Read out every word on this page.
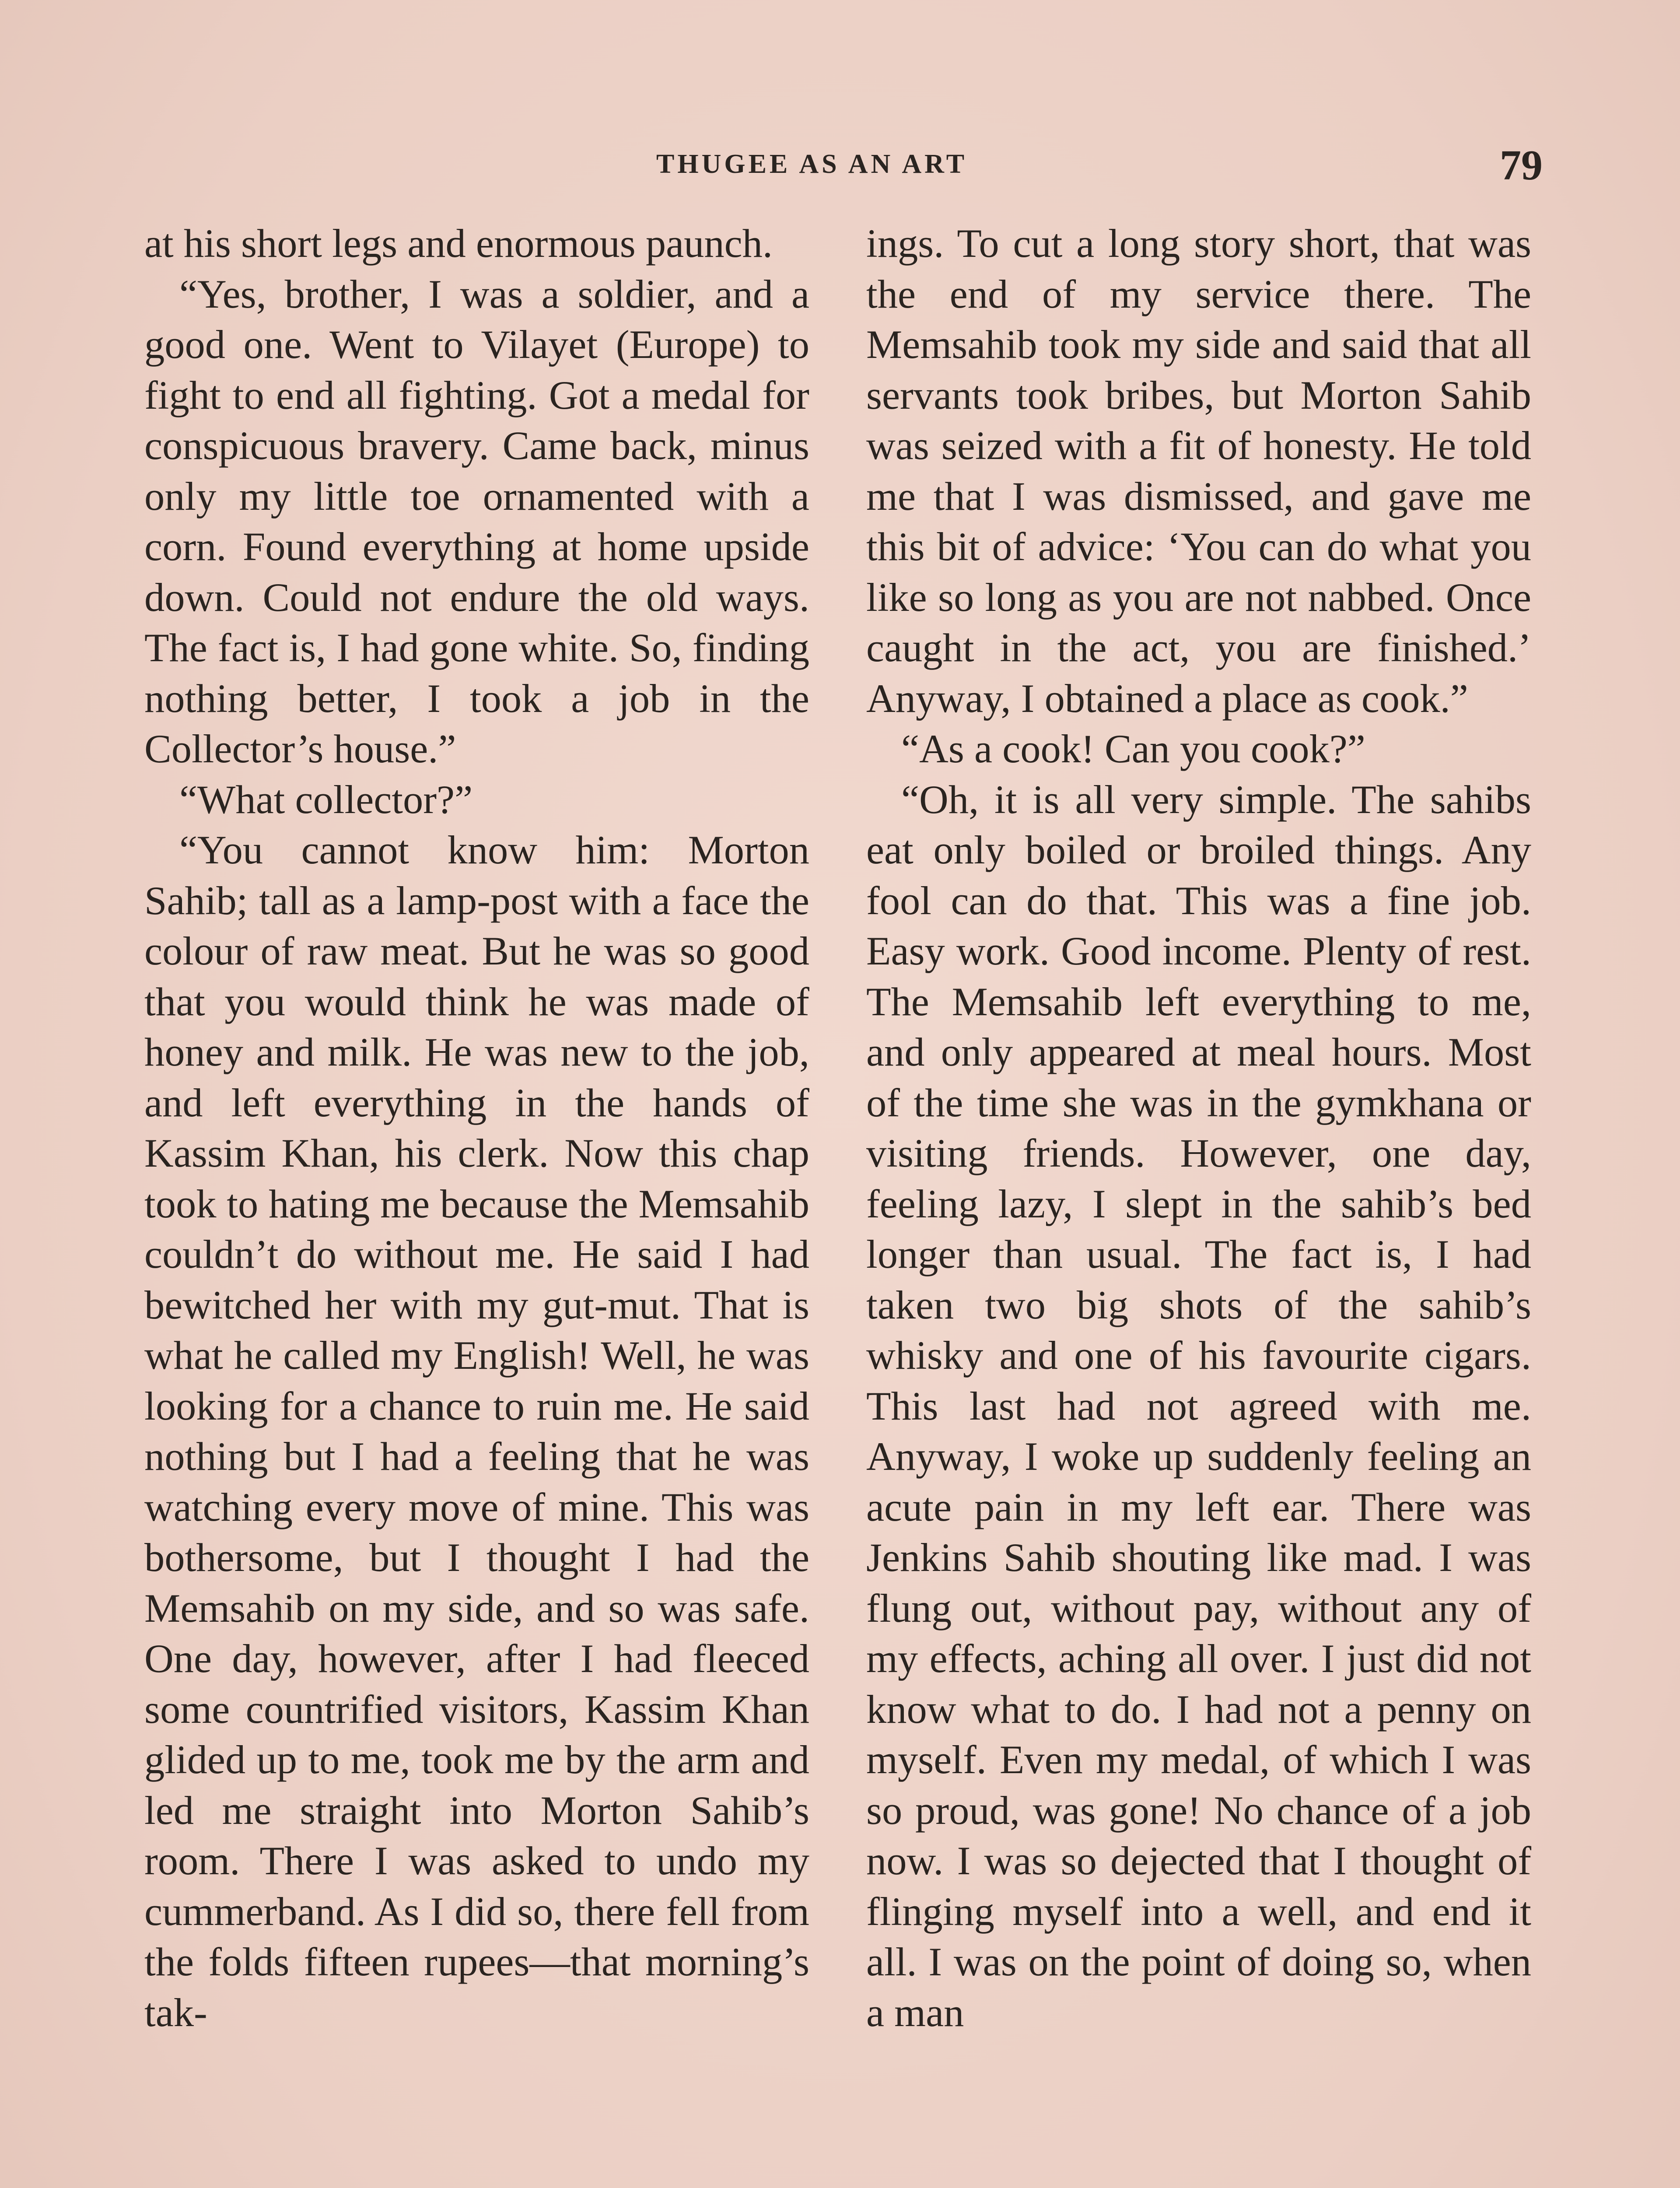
THUGEE AS AN ART	79

at his short legs and enormous paunch.

“Yes, brother, I was a soldier, and a good one. Went to Vilayet (Europe) to fight to end all fighting. Got a medal for conspicuous bravery. Came back, minus only my little toe ornamented with a corn. Found everything at home upside down. Could not endure the old ways. The fact is, I had gone white. So, finding nothing better, I took a job in the Collector’s house.”

“What collector?”

“You cannot know him: Morton Sahib; tall as a lamp-post with a face the colour of raw meat. But he was so good that you would think he was made of honey and milk. He was new to the job, and left everything in the hands of Kassim Khan, his clerk. Now this chap took to hating me because the Memsahib couldn’t do without me. He said I had bewitched her with my gut-mut. That is what he called my English! Well, he was looking for a chance to ruin me. He said nothing but I had a feeling that he was watching every move of mine. This was bothersome, but I thought I had the Memsahib on my side, and so was safe. One day, however, after I had fleeced some countrified visitors, Kassim Khan glided up to me, took me by the arm and led me straight into Morton Sahib’s room. There I was asked to undo my cummerband. As I did so, there fell from the folds fifteen rupees—that morning’s tak-

ings. To cut a long story short, that was the end of my service there. The Memsahib took my side and said that all servants took bribes, but Morton Sahib was seized with a fit of honesty. He told me that I was dismissed, and gave me this bit of advice: ‘You can do what you like so long as you are not nabbed. Once caught in the act, you are finished.’ Anyway, I obtained a place as cook.”

“As a cook! Can you cook?”

“Oh, it is all very simple. The sahibs eat only boiled or broiled things. Any fool can do that. This was a fine job. Easy work. Good income. Plenty of rest. The Memsahib left everything to me, and only appeared at meal hours. Most of the time she was in the gymkhana or visiting friends. However, one day, feeling lazy, I slept in the sahib’s bed longer than usual. The fact is, I had taken two big shots of the sahib’s whisky and one of his favourite cigars. This last had not agreed with me. Anyway, I woke up suddenly feeling an acute pain in my left ear. There was Jenkins Sahib shouting like mad. I was flung out, without pay, without any of my effects, aching all over. I just did not know what to do. I had not a penny on myself. Even my medal, of which I was so proud, was gone! No chance of a job now. I was so dejected that I thought of flinging myself into a well, and end it all. I was on the point of doing so, when a man
